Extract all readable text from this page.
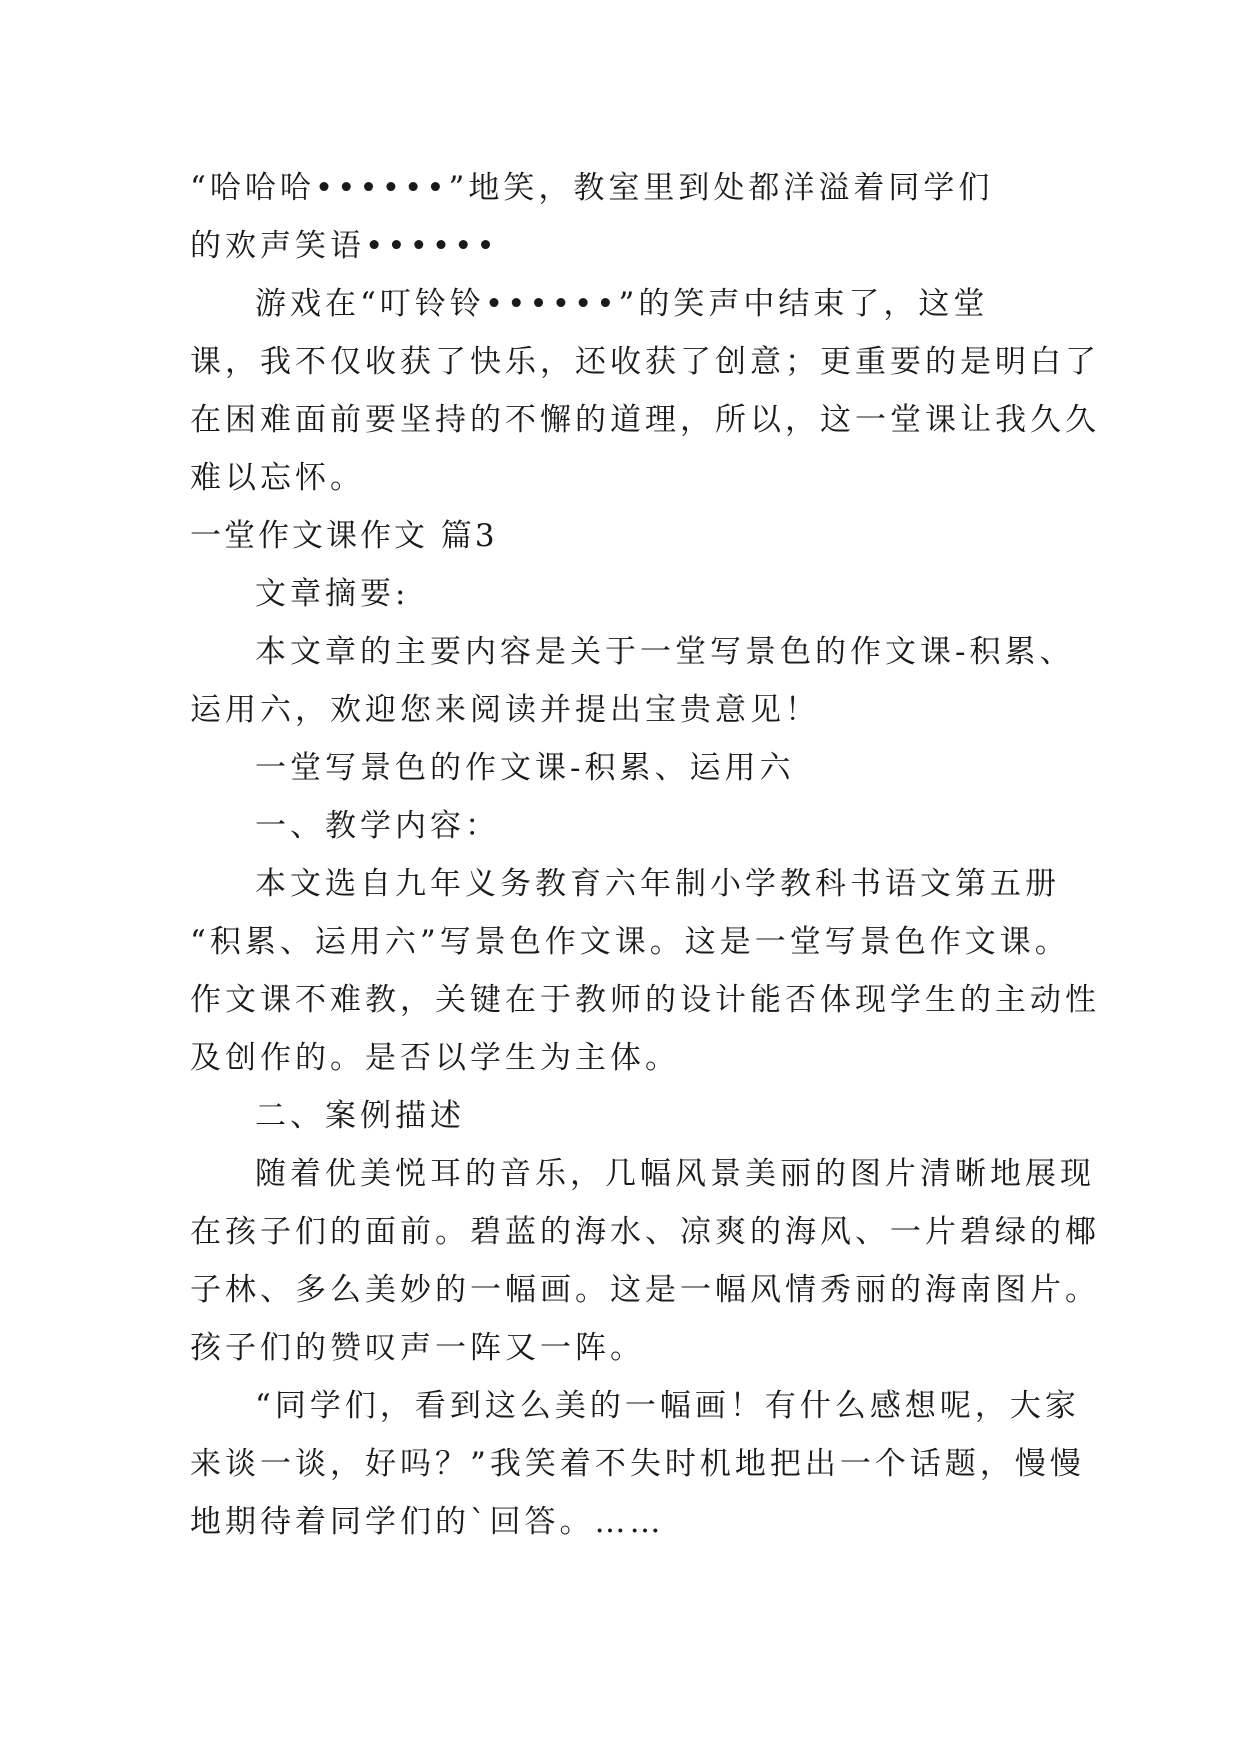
“哈哈哈••••••”地笑，教室里到处都洋溢着同学们

的欢声笑语••••••

游戏在“叮铃铃••••••”的笑声中结束了，这堂

课，我不仅收获了快乐，还收获了创意；更重要的是明白了

在困难面前要坚持的不懈的道理，所以，这一堂课让我久久

难以忘怀。

一堂作文课作文 篇3

文章摘要:

本文章的主要内容是关于一堂写景色的作文课-积累、

运用六，欢迎您来阅读并提出宝贵意见！

一堂写景色的作文课-积累、运用六

一、教学内容：

本文选自九年义务教育六年制小学教科书语文第五册

“积累、运用六”写景色作文课。这是一堂写景色作文课。

作文课不难教，关键在于教师的设计能否体现学生的主动性

及创作的。是否以学生为主体。

二、案例描述

随着优美悦耳的音乐，几幅风景美丽的图片清晰地展现

在孩子们的面前。碧蓝的海水、凉爽的海风、一片碧绿的椰

子林、多么美妙的一幅画。这是一幅风情秀丽的海南图片。

孩子们的赞叹声一阵又一阵。

“同学们，看到这么美的一幅画！有什么感想呢，大家

来谈一谈，好吗？”我笑着不失时机地把出一个话题，慢慢

地期待着同学们的`回答。……
